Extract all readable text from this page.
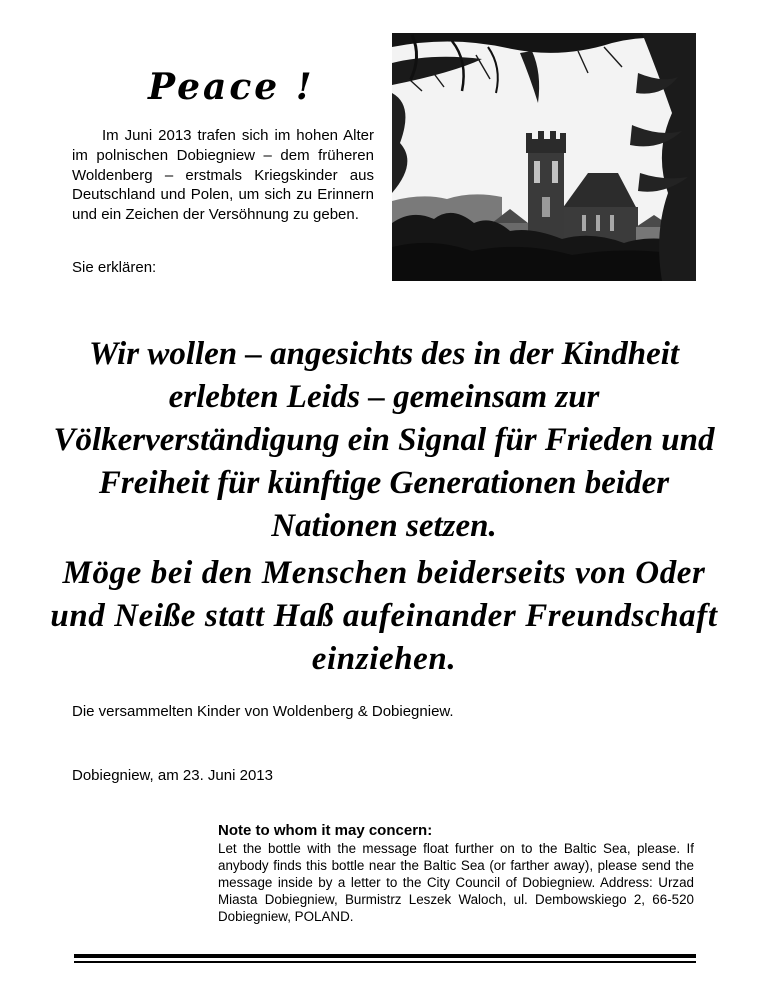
Peace !

Im Juni 2013 trafen sich im hohen Alter im polnischen Dobiegniew – dem früheren Woldenberg – erstmals Kriegskinder aus Deutschland und Polen, um sich zu Erinnern und ein Zeichen der Versöhnung zu geben.

Sie erklären:

Wir wollen – angesichts des in der Kindheit erlebten Leids – gemeinsam zur Völkerverständigung ein Signal für Frieden und Freiheit für künftige Generationen beider Nationen setzen.

Möge bei den Menschen beiderseits von Oder und Neiße statt Haß aufeinander Freundschaft einziehen.

Die versammelten Kinder von Woldenberg & Dobiegniew.

Dobiegniew, am 23. Juni 2013

Note to whom it may concern:

Let the bottle with the message float further on to the Baltic Sea, please. If anybody finds this bottle near the Baltic Sea (or farther away), please send the message inside by a letter to the City Council of Dobiegniew. Address: Urzad Miasta Dobiegniew, Burmistrz Leszek Waloch, ul. Dembowskiego 2, 66-520 Dobiegniew, POLAND.
